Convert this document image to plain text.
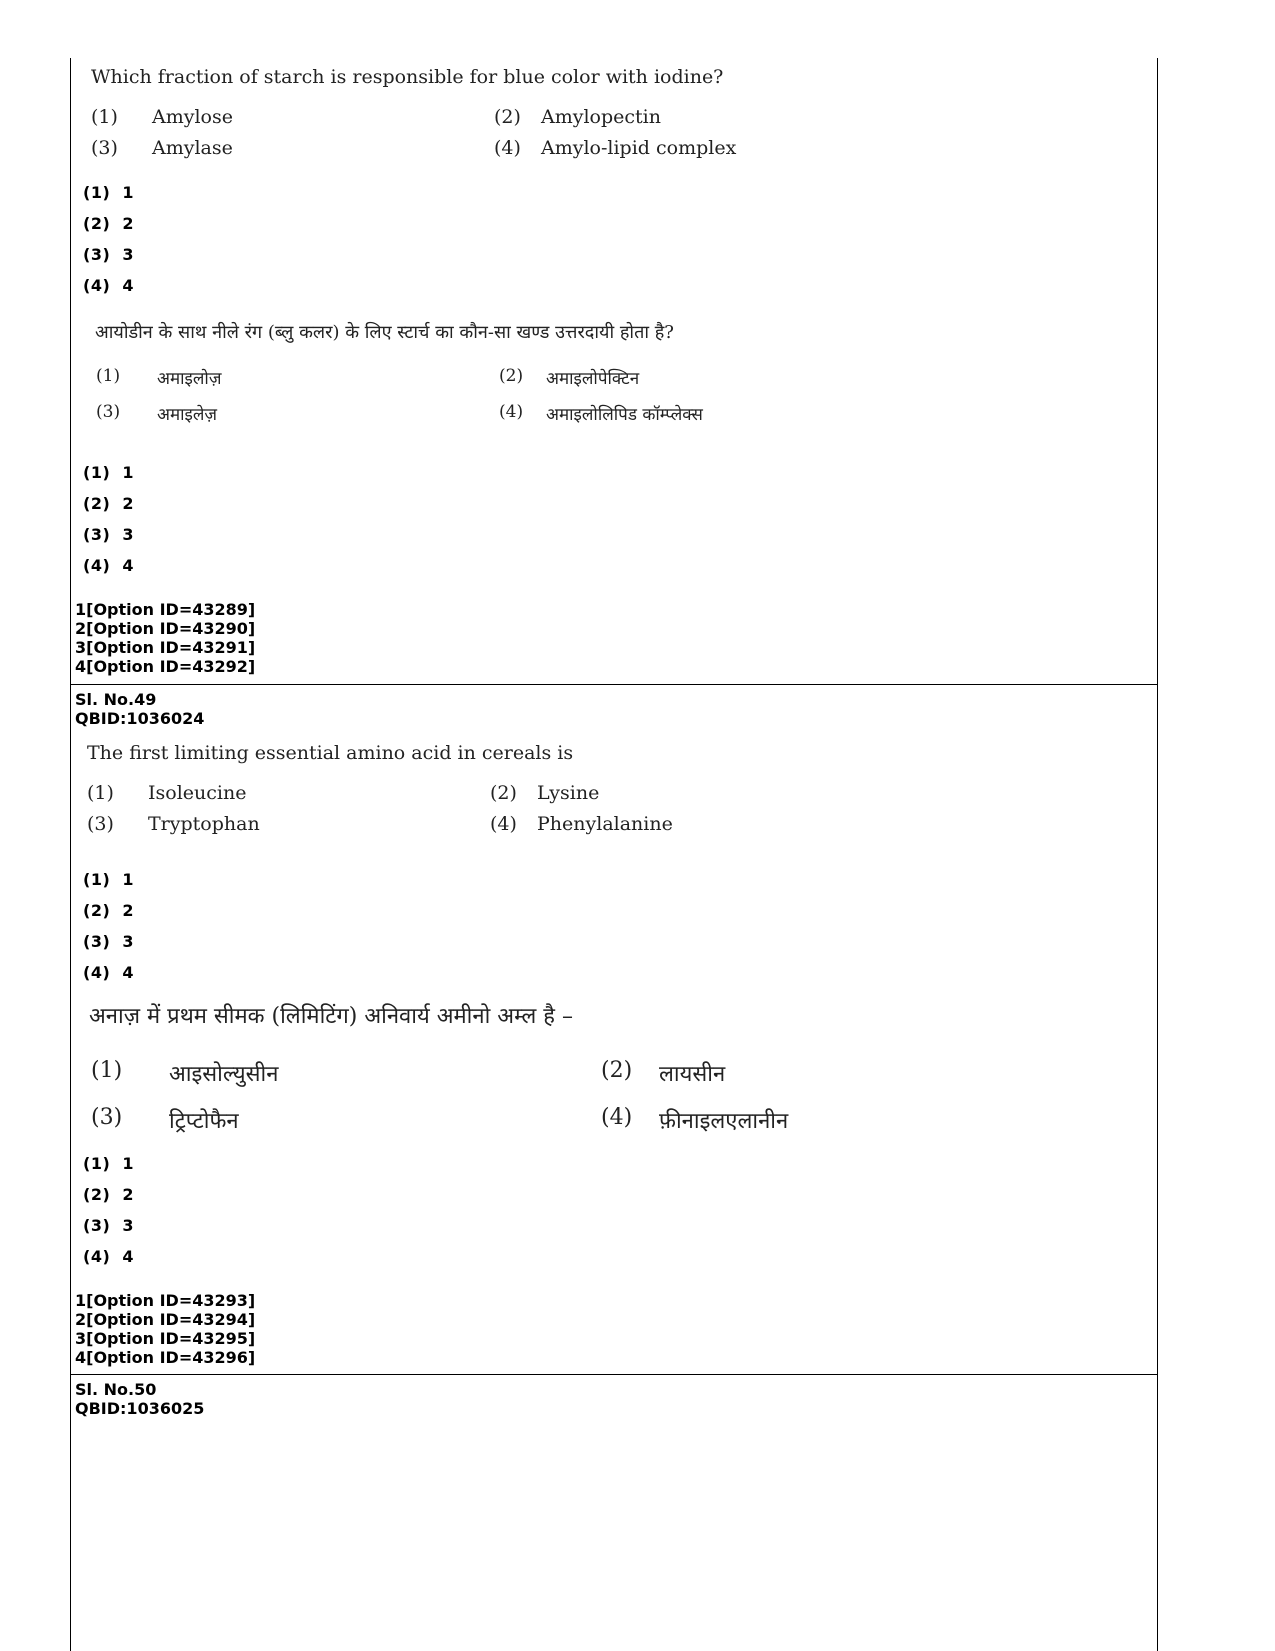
Which fraction of starch is responsible for blue color with iodine?
(1) Amylose	(2) Amylopectin
(3) Amylase	(4) Amylo-lipid complex
(1)  1
(2)  2
(3)  3
(4)  4
आयोडीन के साथ नीले रंग (ब्लु कलर) के लिए स्टार्च का कौन-सा खण्ड उत्तरदायी होता है?
(1) अमाइलोज़	(2) अमाइलोपेक्टिन
(3) अमाइलेज़	(4) अमाइलोलिपिड कॉम्प्लेक्स
(1)  1
(2)  2
(3)  3
(4)  4
1[Option ID=43289]
2[Option ID=43290]
3[Option ID=43291]
4[Option ID=43292]
Sl. No.49
QBID:1036024
The first limiting essential amino acid in cereals is
(1) Isoleucine	(2) Lysine
(3) Tryptophan	(4) Phenylalanine
(1)  1
(2)  2
(3)  3
(4)  4
अनाज़ में प्रथम सीमक (लिमिटिंग) अनिवार्य अमीनो अम्ल है –
(1) आइसोल्युसीन	(2) लायसीन
(3) ट्रिप्टोफैन	(4) फ़ीनाइलएलानीन
(1)  1
(2)  2
(3)  3
(4)  4
1[Option ID=43293]
2[Option ID=43294]
3[Option ID=43295]
4[Option ID=43296]
Sl. No.50
QBID:1036025
